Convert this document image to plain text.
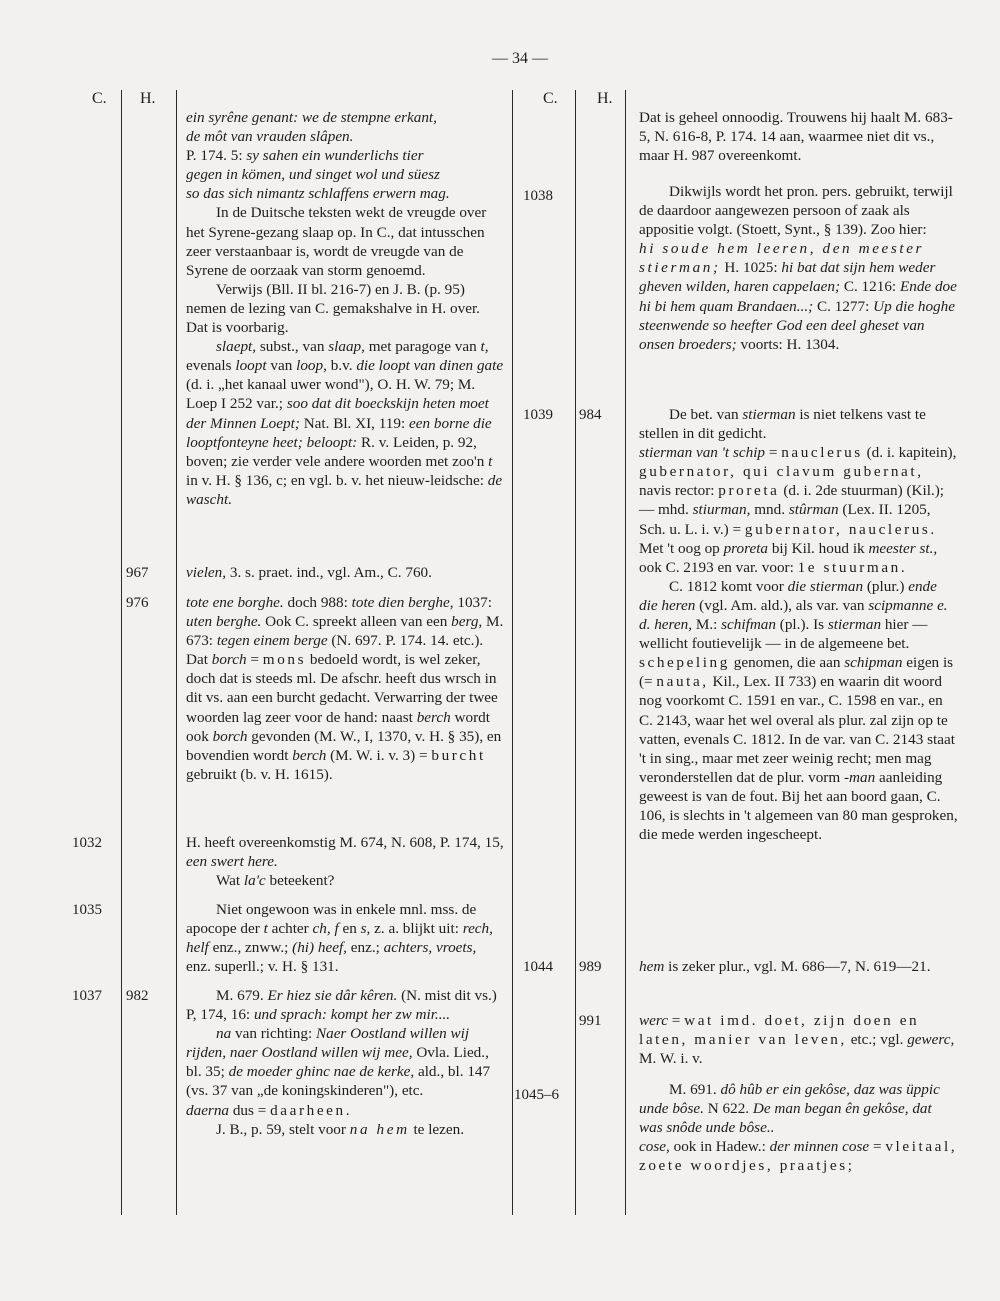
— 34 —
C. H.	C. H.
967
976
1032
1035
1037 982
1038
1039 984
1044 989
991
1045–6

ein syrêne genant: we de stempne erkant,

de môt van vrauden slâpen.

P. 174. 5: sy sahen ein wunderlichs tier

gegen in kömen, und singet wol und süesz

so das sich nimantz schlaffens erwern mag.

In de Duitsche teksten wekt de vreugde over het Syrene-gezang slaap op. In C., dat intusschen zeer verstaanbaar is, wordt de vreugde van de Syrene de oorzaak van storm genoemd.

Verwijs (Bll. II bl. 216-7) en J. B. (p. 95) nemen de lezing van C. gemakshalve in H. over. Dat is voorbarig.

slaept, subst., van slaap, met paragoge van t, evenals loopt van loop, b.v. die loopt van dinen gate (d. i. „het kanaal uwer wond"), O. H. W. 79; M. Loep I 252 var.; soo dat dit boeckskijn heten moet der Minnen Loept; Nat. Bl. XI, 119: een borne die looptfonteyne heet; beloopt: R. v. Leiden, p. 92, boven; zie verder vele andere woorden met zoo'n t in v. H. § 136, c; en vgl. b. v. het nieuw-leidsche: de wascht.

vielen, 3. s. praet. ind., vgl. Am., C. 760.

tote ene borghe. doch 988: tote dien berghe, 1037: uten berghe. Ook C. spreekt alleen van een berg, M. 673: tegen einem berge (N. 697. P. 174. 14. etc.). Dat borch = mons bedoeld wordt, is wel zeker, doch dat is steeds ml. De afschr. heeft dus wrsch in dit vs. aan een burcht gedacht. Verwarring der twee woorden lag zeer voor de hand: naast berch wordt ook borch gevonden (M. W., I, 1370, v. H. § 35), en bovendien wordt berch (M. W. i. v. 3) = burcht gebruikt (b. v. H. 1615).

H. heeft overeenkomstig M. 674, N. 608, P. 174, 15, een swert here.

Wat la'c beteekent?

Niet ongewoon was in enkele mnl. mss. de apocope der t achter ch, f en s, z. a. blijkt uit: rech, helf enz., znww.; (hi) heef, enz.; achters, vroets, enz. superll.; v. H. § 131.

M. 679. Er hiez sie dâr kêren. (N. mist dit vs.) P, 174, 16: und sprach: kompt her zw mir....

na van richting: Naer Oostland willen wij rijden, naer Oostland willen wij mee, Ovla. Lied., bl. 35; de moeder ghinc nae de kerke, ald., bl. 147 (vs. 37 van „de koningskinderen"), etc.

daerna dus = daarheen.

J. B., p. 59, stelt voor na hem te lezen.

Dat is geheel onnoodig. Trouwens hij haalt M. 683-5, N. 616-8, P. 174. 14 aan, waarmee niet dit vs., maar H. 987 overeenkomt.

Dikwijls wordt het pron. pers. gebruikt, terwijl de daardoor aangewezen persoon of zaak als appositie volgt. (Stoett, Synt., § 139). Zoo hier:

hi soude hem leeren, den meester stierman; H. 1025: hi bat dat sijn hem weder gheven wilden, haren cappelaen; C. 1216: Ende doe hi bi hem quam Brandaen...; C. 1277: Up die hoghe steenwende so heefter God een deel gheset van onsen broeders; voorts: H. 1304.

De bet. van stierman is niet telkens vast te stellen in dit gedicht.

stierman van 't schip = nauclerus (d. i. kapitein), gubernator, qui clavum gubernat, navis rector: proreta (d. i. 2de stuurman) (Kil.); — mhd. stiurman, mnd. stûrman (Lex. II. 1205, Sch. u. L. i. v.) = gubernator, nauclerus. Met 't oog op proreta bij Kil. houd ik meester st., ook C. 2193 en var. voor: 1e stuurman.

C. 1812 komt voor die stierman (plur.) ende die heren (vgl. Am. ald.), als var. van scipmanne e. d. heren, M.: schifman (pl.). Is stierman hier — wellicht foutievelijk — in de algemeene bet. schepeling genomen, die aan schipman eigen is (= nauta, Kil., Lex. II 733) en waarin dit woord nog voorkomt C. 1591 en var., C. 1598 en var., en C. 2143, waar het wel overal als plur. zal zijn op te vatten, evenals C. 1812. In de var. van C. 2143 staat 't in sing., maar met zeer weinig recht; men mag veronderstellen dat de plur. vorm -man aanleiding geweest is van de fout. Bij het aan boord gaan, C. 106, is slechts in 't algemeen van 80 man gesproken, die mede werden ingescheept.

hem is zeker plur., vgl. M. 686—7, N. 619—21.

werc = wat imd. doet, zijn doen en laten, manier van leven, etc.; vgl. gewerc, M. W. i. v.

M. 691. dô hûb er ein gekôse, daz was üppic unde bôse. N 622. De man began ên gekôse, dat was snôde unde bôse..

cose, ook in Hadew.: der minnen cose = vleitaal, zoete woordjes, praatjes;
